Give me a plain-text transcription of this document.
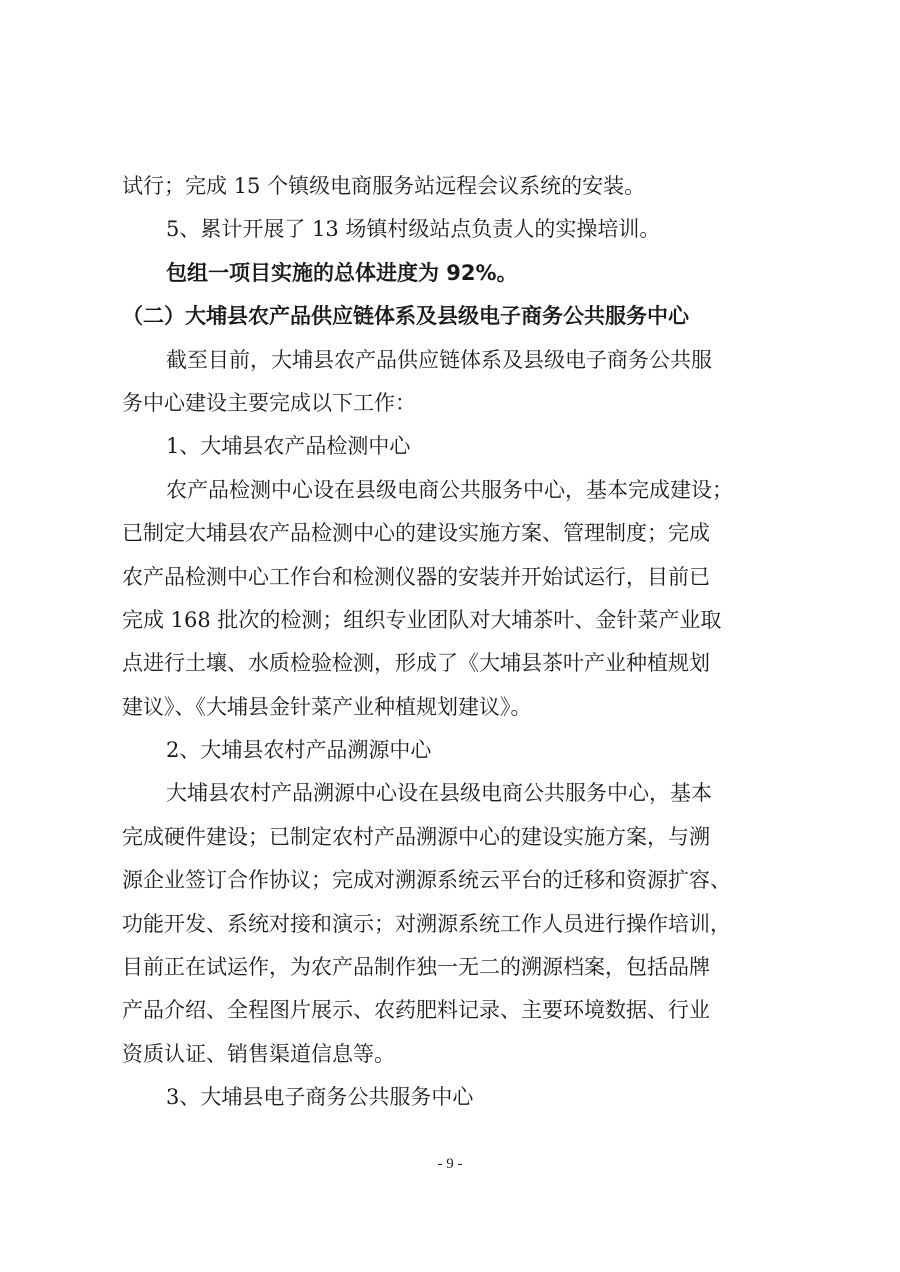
试行；完成 15 个镇级电商服务站远程会议系统的安装。
5、累计开展了 13 场镇村级站点负责人的实操培训。
包组一项目实施的总体进度为 92%。
（二）大埔县农产品供应链体系及县级电子商务公共服务中心
截至目前，大埔县农产品供应链体系及县级电子商务公共服
务中心建设主要完成以下工作：
1、大埔县农产品检测中心
农产品检测中心设在县级电商公共服务中心，基本完成建设；
已制定大埔县农产品检测中心的建设实施方案、管理制度；完成
农产品检测中心工作台和检测仪器的安装并开始试运行，目前已
完成 168 批次的检测；组织专业团队对大埔茶叶、金针菜产业取
点进行土壤、水质检验检测，形成了《大埔县茶叶产业种植规划
建议》、《大埔县金针菜产业种植规划建议》。
2、大埔县农村产品溯源中心
大埔县农村产品溯源中心设在县级电商公共服务中心，基本
完成硬件建设；已制定农村产品溯源中心的建设实施方案，与溯
源企业签订合作协议；完成对溯源系统云平台的迁移和资源扩容、
功能开发、系统对接和演示；对溯源系统工作人员进行操作培训，
目前正在试运作，为农产品制作独一无二的溯源档案，包括品牌
产品介绍、全程图片展示、农药肥料记录、主要环境数据、行业
资质认证、销售渠道信息等。
3、大埔县电子商务公共服务中心
- 9 -
